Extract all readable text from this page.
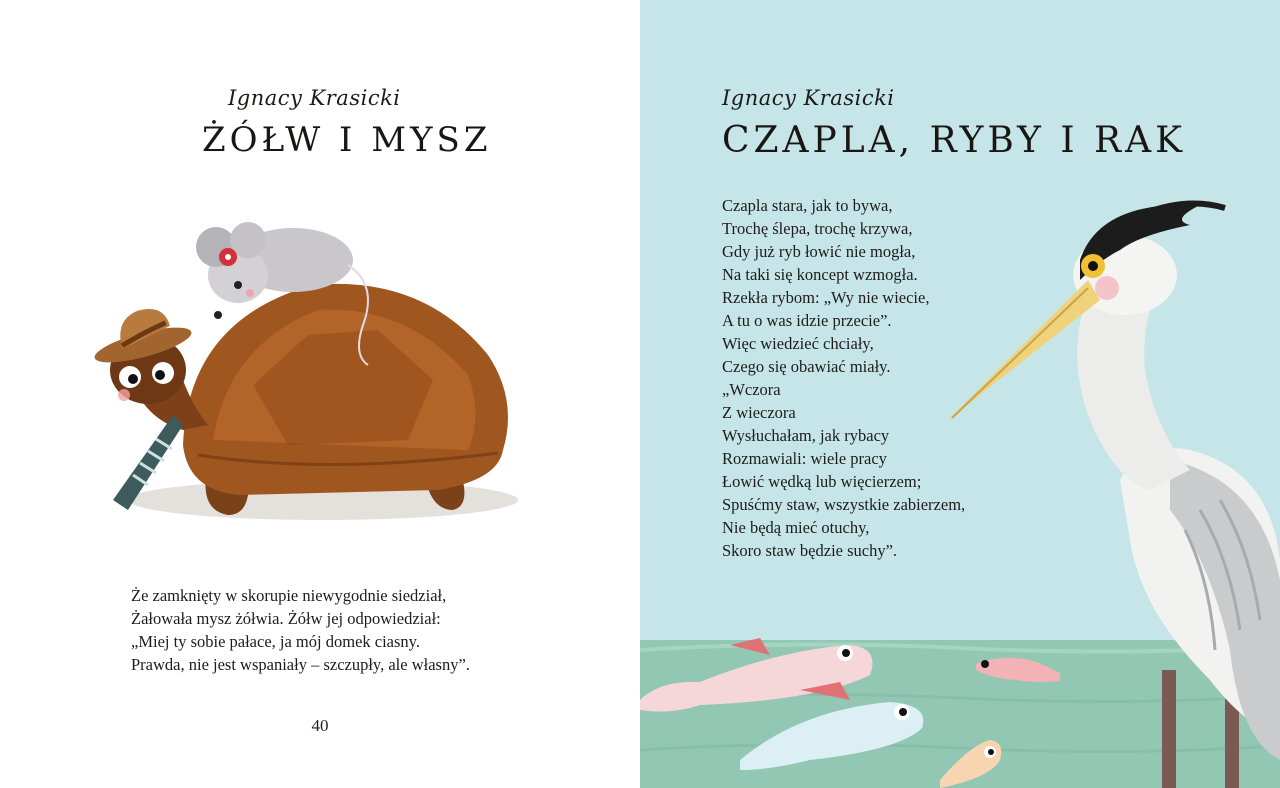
Ignacy Krasicki
ŻÓŁW I MYSZ
Że zamknięty w skorupie niewygodnie siedział,
Żałowała mysz żółwia. Żółw jej odpowiedział:
„Miej ty sobie pałace, ja mój domek ciasny.
Prawda, nie jest wspaniały – szczupły, ale własny”.
40
Ignacy Krasicki
CZAPLA, RYBY I RAK
Czapla stara, jak to bywa,
Trochę ślepa, trochę krzywa,
Gdy już ryb łowić nie mogła,
Na taki się koncept wzmogła.
Rzekła rybom: „Wy nie wiecie,
A tu o was idzie przecie”.
Więc wiedzieć chciały,
Czego się obawiać miały.
„Wczora
Z wieczora
Wysłuchałam, jak rybacy
Rozmawiali: wiele pracy
Łowić wędką lub więcierzem;
Spuśćmy staw, wszystkie zabierzem,
Nie będą mieć otuchy,
Skoro staw będzie suchy”.
